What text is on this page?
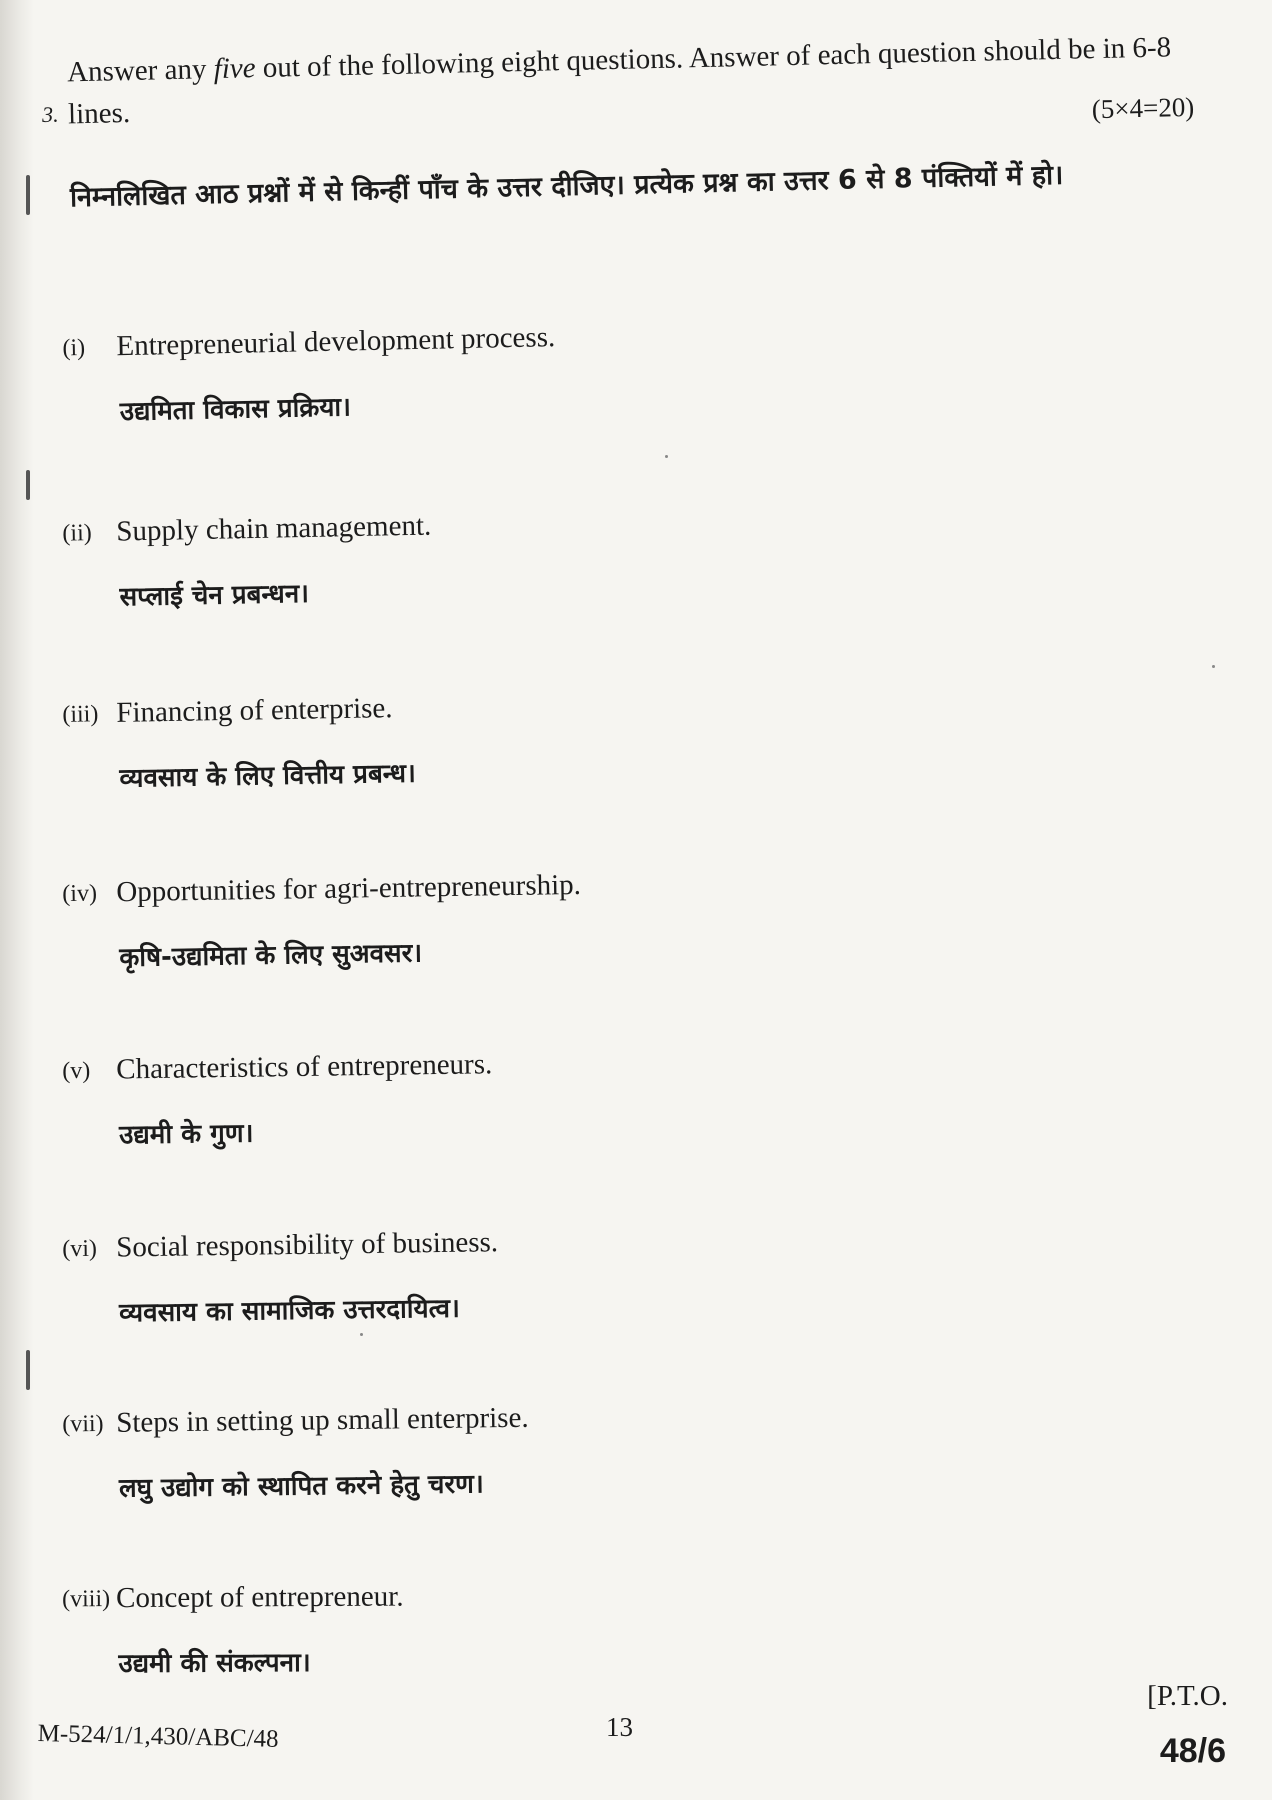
3.
Answer any five out of the following eight questions. Answer of each question should be in 6-8 lines.	(5×4=20)
निम्नलिखित आठ प्रश्नों में से किन्हीं पाँच के उत्तर दीजिए। प्रत्येक प्रश्न का उत्तर 6 से 8 पंक्तियों में हो।
(i) Entrepreneurial development process.
उद्यमिता विकास प्रक्रिया।
(ii) Supply chain management.
सप्लाई चेन प्रबन्धन।
(iii) Financing of enterprise.
व्यवसाय के लिए वित्तीय प्रबन्ध।
(iv) Opportunities for agri-entrepreneurship.
कृषि-उद्यमिता के लिए सुअवसर।
(v) Characteristics of entrepreneurs.
उद्यमी के गुण।
(vi) Social responsibility of business.
व्यवसाय का सामाजिक उत्तरदायित्व।
(vii) Steps in setting up small enterprise.
लघु उद्योग को स्थापित करने हेतु चरण।
(viii) Concept of entrepreneur.
उद्यमी की संकल्पना।
M-524/1/1,430/ABC/48	13
[P.T.O.
48/6
